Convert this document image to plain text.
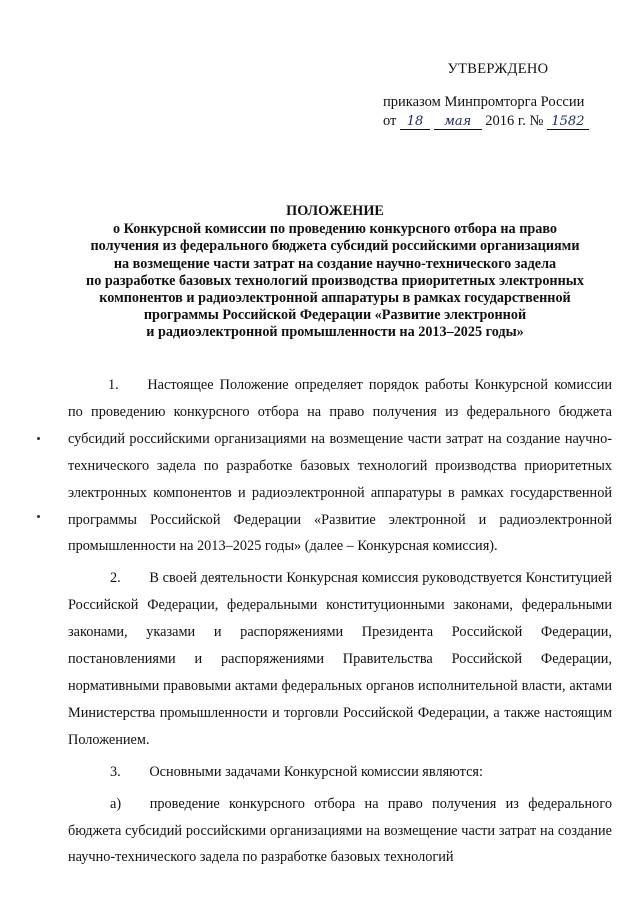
УТВЕРЖДЕНО
приказом Минпромторга России
от 18 мая 2016 г. № 1582
ПОЛОЖЕНИЕ
о Конкурсной комиссии по проведению конкурсного отбора на право
получения из федерального бюджета субсидий российскими организациями
на возмещение части затрат на создание научно-технического задела
по разработке базовых технологий производства приоритетных электронных
компонентов и радиоэлектронной аппаратуры в рамках государственной
программы Российской Федерации «Развитие электронной
и радиоэлектронной промышленности на 2013–2025 годы»

1.  Настоящее Положение определяет порядок работы Конкурсной комиссии по проведению конкурсного отбора на право получения из федерального бюджета субсидий российскими организациями на возмещение части затрат на создание научно-технического задела по разработке базовых технологий производства приоритетных электронных компонентов и радиоэлектронной аппаратуры в рамках государственной программы Российской Федерации «Развитие электронной и радиоэлектронной промышленности на 2013–2025 годы» (далее – Конкурсная комиссия).

2.  В своей деятельности Конкурсная комиссия руководствуется Конституцией Российской Федерации, федеральными конституционными законами, федеральными законами, указами и распоряжениями Президента Российской Федерации, постановлениями и распоряжениями Правительства Российской Федерации, нормативными правовыми актами федеральных органов исполнительной власти, актами Министерства промышленности и торговли Российской Федерации, а также настоящим Положением.

3.  Основными задачами Конкурсной комиссии являются:

а)  проведение конкурсного отбора на право получения из федерального бюджета субсидий российскими организациями на возмещение части затрат на создание научно-технического задела по разработке базовых технологий
